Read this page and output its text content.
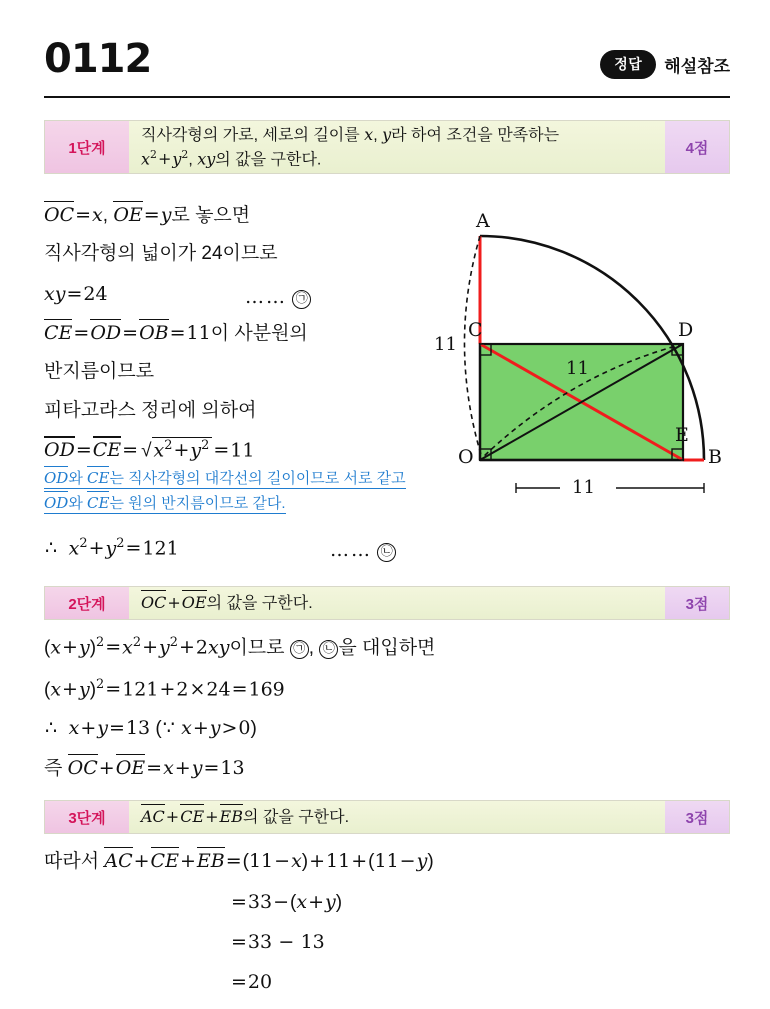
0112	정답	해설참조
1단계
직사각형의 가로, 세로의 길이를 x, y라 하여 조건을 만족하는
$x^2+y^2$, xy의 값을 구한다.
4점
OC=x, OE=y로 놓으면
직사각형의 넓이가 24이므로
xy=24	…… ㉠
CE=OD=OB=11이 사분원의
반지름이므로
피타고라스 정리에 의하여
OD=CE= √ $x^2+y^2 =11$
OD와 CE는 직사각형의 대각선의 길이이므로 서로 같고
OD와 CE는 원의 반지름이므로 같다.
∴ $x^2+y^2=121$	…… ㉡
A
B
C	D
E
O
11
11
11
2단계	OC+OE의 값을 구한다.	3점
$(x+y)^2=x^2+y^2+2xy$이므로 ㉠ , ㉡ 을 대입하면
$(x+y)^2=121+2\times 24=169$
∴ x+y=13 (∵ x+y>0)
즉 OC+OE=x+y=13
3단계	AC+CE+EB의 값을 구한다.	3점
따라서 AC+CE+EB=(11−x)+11+(11−y)
=33−(x+y)
=33 − 13
=20
